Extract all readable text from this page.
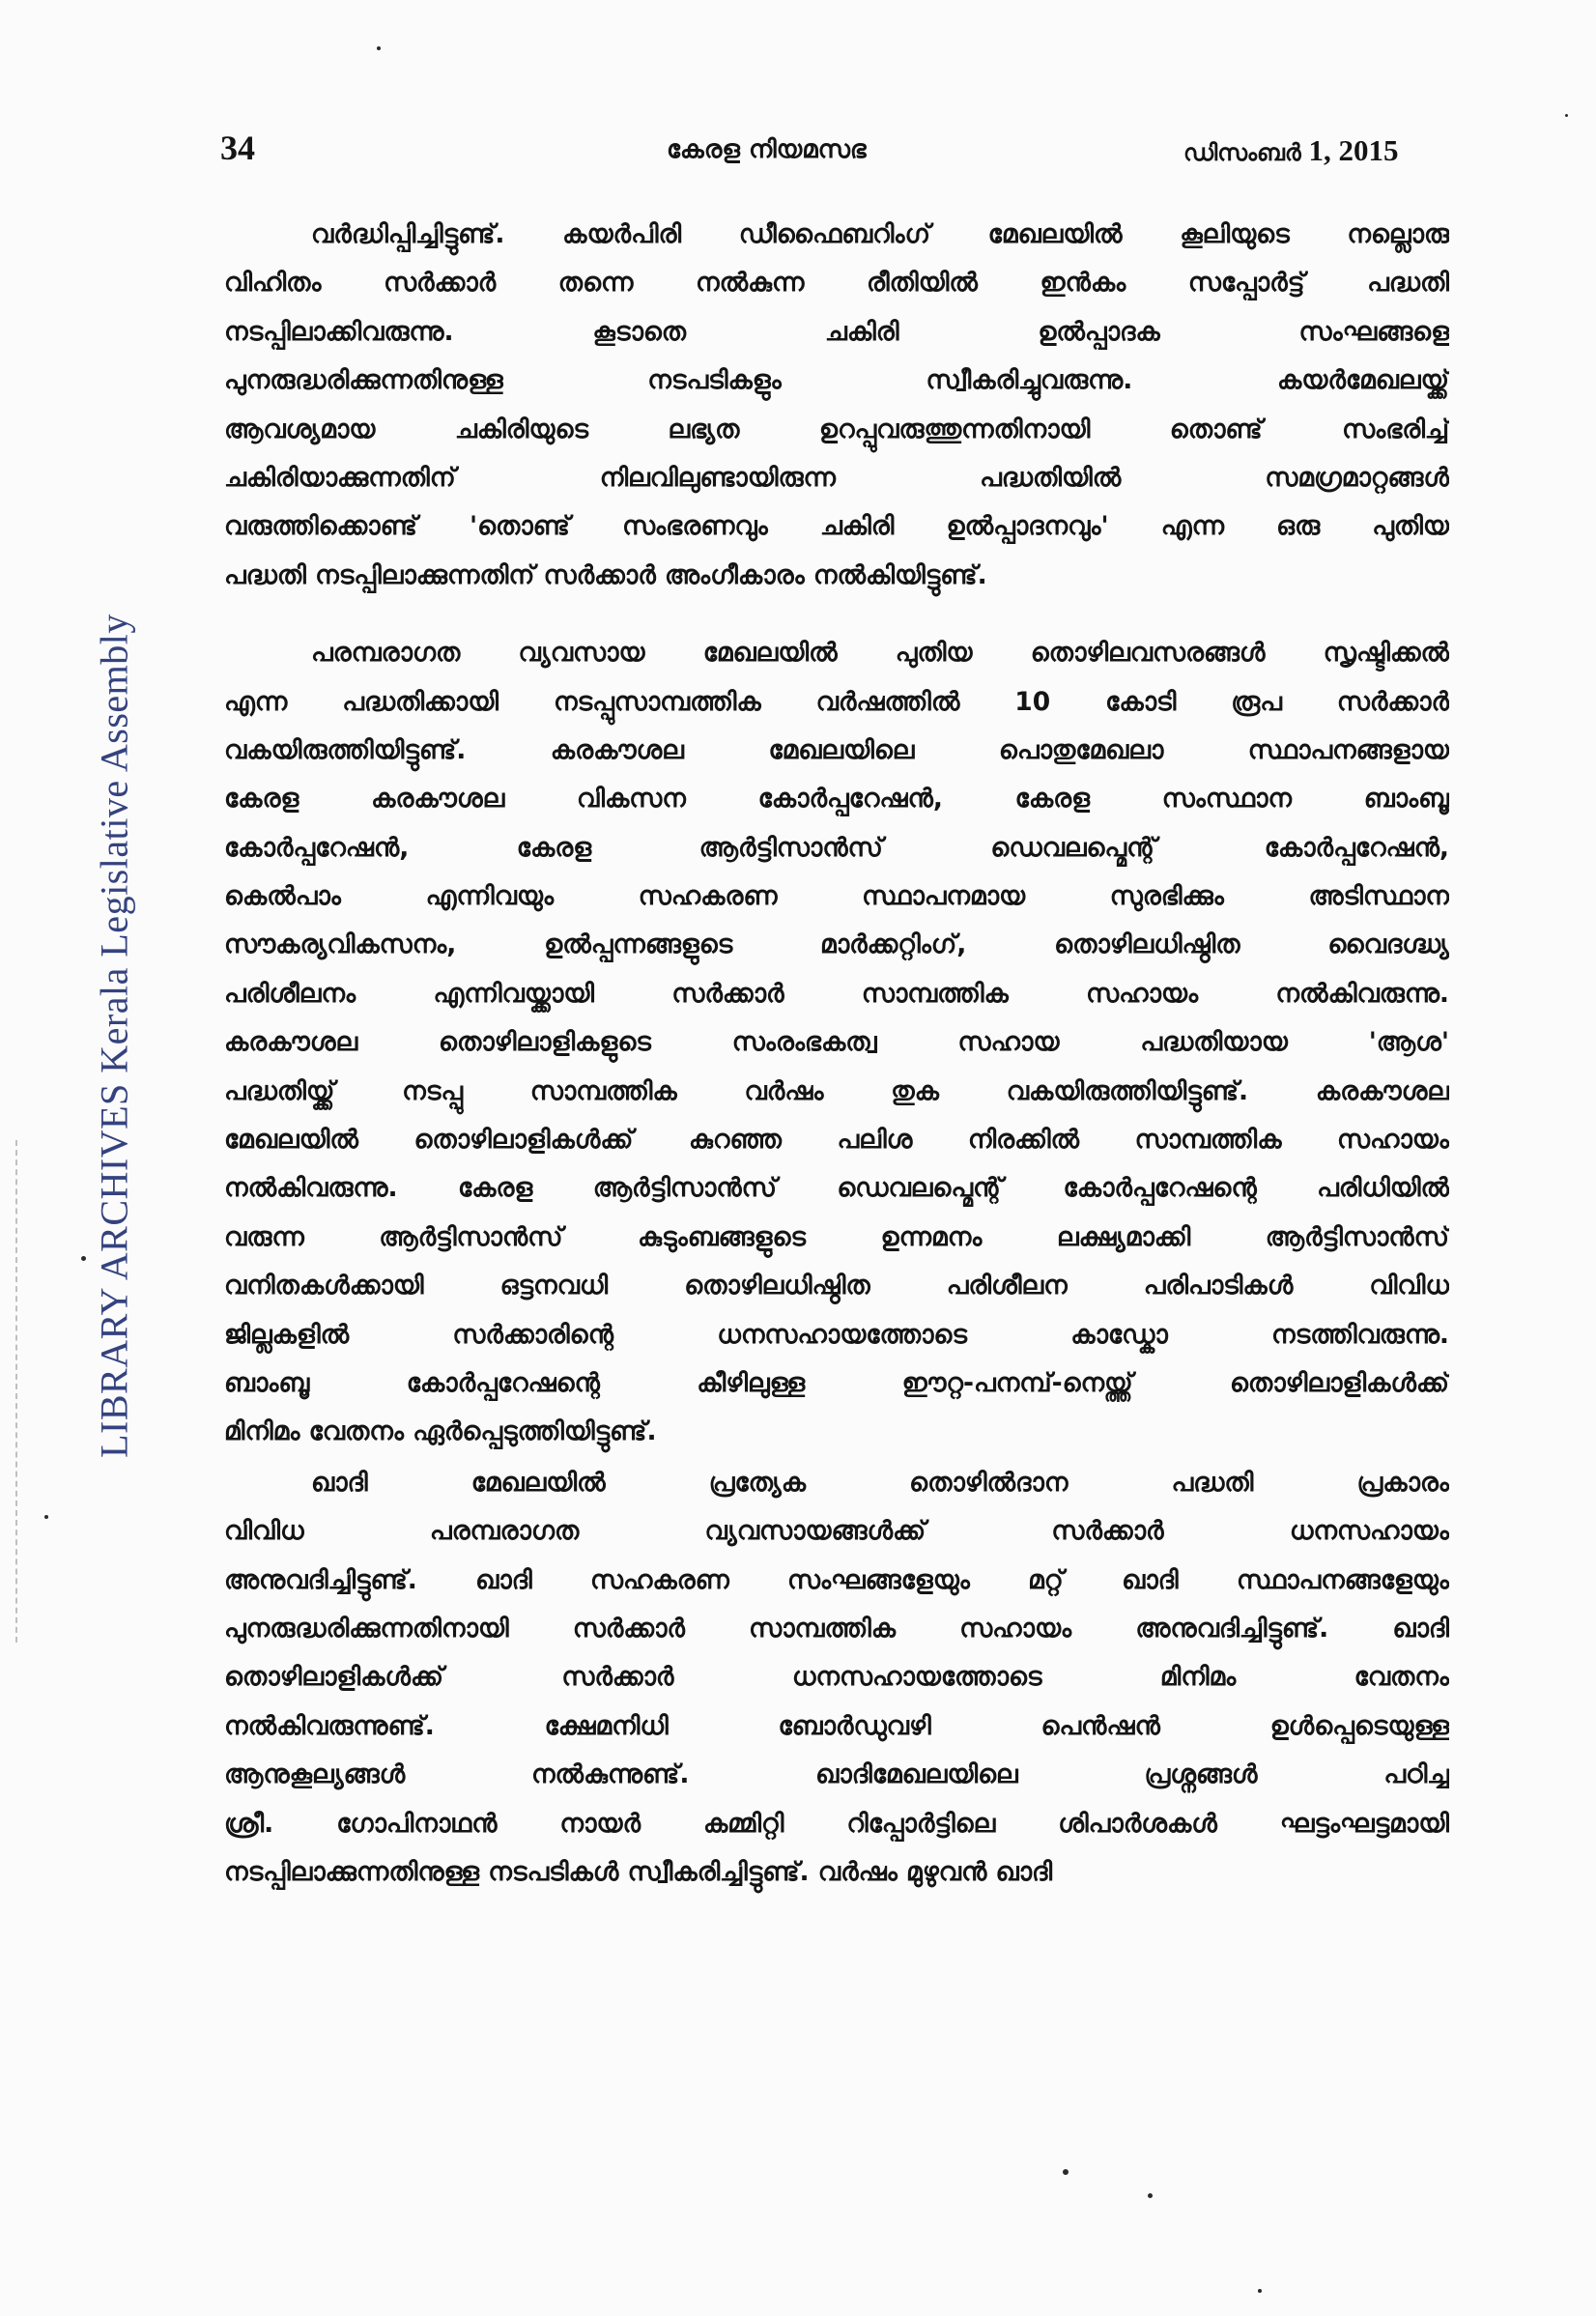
34	കേരള നിയമസഭ	ഡിസംബർ 1, 2015
LIBRARY ARCHIVES Kerala Legislative Assembly
വർദ്ധിപ്പിച്ചിട്ടുണ്ട്. കയർപിരി ഡീഫൈബറിംഗ് മേഖലയിൽ കൂലിയുടെ നല്ലൊരു
വിഹിതം സർക്കാർ തന്നെ നൽകുന്ന രീതിയിൽ ഇൻകം സപ്പോർട്ട് പദ്ധതി
നടപ്പിലാക്കിവരുന്നു. കൂടാതെ ചകിരി ഉൽപ്പാദക സംഘങ്ങളെ
പുനരുദ്ധരിക്കുന്നതിനുള്ള നടപടികളും സ്വീകരിച്ചുവരുന്നു. കയർമേഖലയ്ക്ക്
ആവശ്യമായ ചകിരിയുടെ ലഭ്യത ഉറപ്പുവരുത്തുന്നതിനായി തൊണ്ട് സംഭരിച്ച്
ചകിരിയാക്കുന്നതിന് നിലവിലുണ്ടായിരുന്ന പദ്ധതിയിൽ സമഗ്രമാറ്റങ്ങൾ
വരുത്തിക്കൊണ്ട് 'തൊണ്ട് സംഭരണവും ചകിരി ഉൽപ്പാദനവും' എന്ന ഒരു പുതിയ
പദ്ധതി നടപ്പിലാക്കുന്നതിന് സർക്കാർ അംഗീകാരം നൽകിയിട്ടുണ്ട്.
പരമ്പരാഗത വ്യവസായ മേഖലയിൽ പുതിയ തൊഴിലവസരങ്ങൾ സൃഷ്ടിക്കൽ
എന്ന പദ്ധതിക്കായി നടപ്പുസാമ്പത്തിക വർഷത്തിൽ 10 കോടി രൂപ സർക്കാർ
വകയിരുത്തിയിട്ടുണ്ട്. കരകൗശല മേഖലയിലെ പൊതുമേഖലാ സ്ഥാപനങ്ങളായ
കേരള കരകൗശല വികസന കോർപ്പറേഷൻ, കേരള സംസ്ഥാന ബാംബൂ
കോർപ്പറേഷൻ, കേരള ആർട്ടിസാൻസ് ഡെവലപ്മെന്റ് കോർപ്പറേഷൻ,
കെൽപാം എന്നിവയും സഹകരണ സ്ഥാപനമായ സുരഭിക്കും അടിസ്ഥാന
സൗകര്യവികസനം, ഉൽപ്പന്നങ്ങളുടെ മാർക്കറ്റിംഗ്, തൊഴിലധിഷ്ഠിത വൈദഗ്ദ്ധ്യ
പരിശീലനം എന്നിവയ്ക്കായി സർക്കാർ സാമ്പത്തിക സഹായം നൽകിവരുന്നു.
കരകൗശല തൊഴിലാളികളുടെ സംരംഭകത്വ സഹായ പദ്ധതിയായ 'ആശ'
പദ്ധതിയ്ക്ക് നടപ്പു സാമ്പത്തിക വർഷം തുക വകയിരുത്തിയിട്ടുണ്ട്. കരകൗശല
മേഖലയിൽ തൊഴിലാളികൾക്ക് കുറഞ്ഞ പലിശ നിരക്കിൽ സാമ്പത്തിക സഹായം
നൽകിവരുന്നു. കേരള ആർട്ടിസാൻസ് ഡെവലപ്മെന്റ് കോർപ്പറേഷന്റെ പരിധിയിൽ
വരുന്ന ആർട്ടിസാൻസ് കുടുംബങ്ങളുടെ ഉന്നമനം ലക്ഷ്യമാക്കി ആർട്ടിസാൻസ്
വനിതകൾക്കായി ഒട്ടനവധി തൊഴിലധിഷ്ഠിത പരിശീലന പരിപാടികൾ വിവിധ
ജില്ലകളിൽ സർക്കാരിന്റെ ധനസഹായത്തോടെ കാഡ്കോ നടത്തിവരുന്നു.
ബാംബൂ കോർപ്പറേഷന്റെ കീഴിലുള്ള ഈറ്റ-പനമ്പ്-നെയ്ത്ത് തൊഴിലാളികൾക്ക്
മിനിമം വേതനം ഏർപ്പെടുത്തിയിട്ടുണ്ട്.
ഖാദി മേഖലയിൽ പ്രത്യേക തൊഴിൽദാന പദ്ധതി പ്രകാരം
വിവിധ പരമ്പരാഗത വ്യവസായങ്ങൾക്ക് സർക്കാർ ധനസഹായം
അനുവദിച്ചിട്ടുണ്ട്. ഖാദി സഹകരണ സംഘങ്ങളേയും മറ്റ് ഖാദി സ്ഥാപനങ്ങളേയും
പുനരുദ്ധരിക്കുന്നതിനായി സർക്കാർ സാമ്പത്തിക സഹായം അനുവദിച്ചിട്ടുണ്ട്. ഖാദി
തൊഴിലാളികൾക്ക് സർക്കാർ ധനസഹായത്തോടെ മിനിമം വേതനം
നൽകിവരുന്നുണ്ട്. ക്ഷേമനിധി ബോർഡുവഴി പെൻഷൻ ഉൾപ്പെടെയുള്ള
ആനുകൂല്യങ്ങൾ നൽകുന്നുണ്ട്. ഖാദിമേഖലയിലെ പ്രശ്നങ്ങൾ പഠിച്ച
ശ്രീ. ഗോപിനാഥൻ നായർ കമ്മിറ്റി റിപ്പോർട്ടിലെ ശിപാർശകൾ ഘട്ടംഘട്ടമായി
നടപ്പിലാക്കുന്നതിനുള്ള നടപടികൾ സ്വീകരിച്ചിട്ടുണ്ട്. വർഷം മുഴുവൻ ഖാദി
